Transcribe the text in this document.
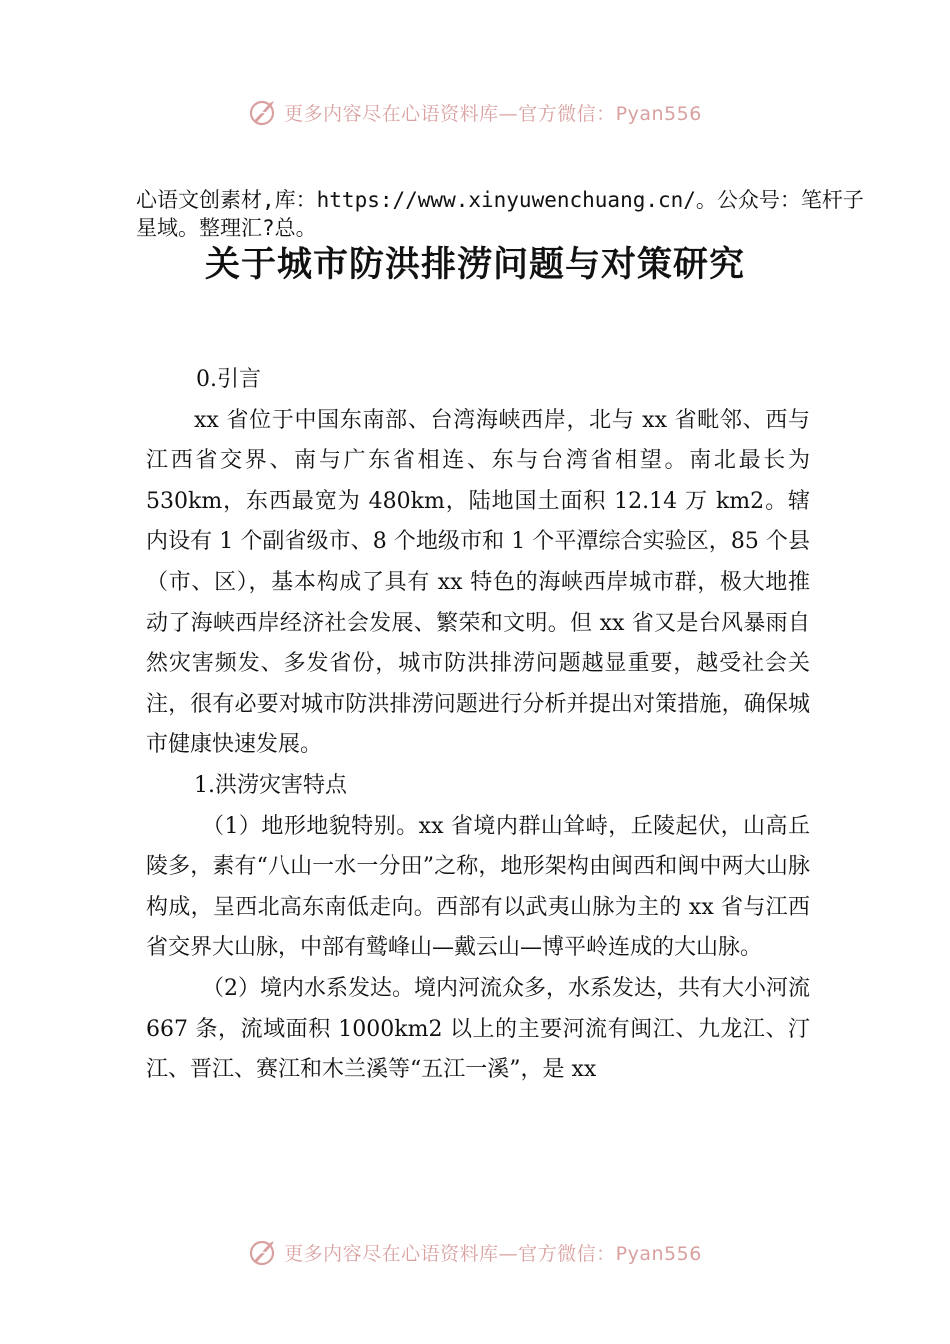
更多内容尽在心语资料库—官方微信：Pyan556
心语文创素材,库：https://www.xinyuwenchuang.cn/。公众号：笔杆子星域。整理汇?总。
关于城市防洪排涝问题与对策研究

0.引言

xx 省位于中国东南部、台湾海峡西岸，北与 xx 省毗邻、西与江西省交界、南与广东省相连、东与台湾省相望。南北最长为 530km，东西最宽为 480km，陆地国土面积 12.14 万 km2。辖内设有 1 个副省级市、8 个地级市和 1 个平潭综合实验区，85 个县（市、区），基本构成了具有 xx 特色的海峡西岸城市群，极大地推动了海峡西岸经济社会发展、繁荣和文明。但 xx 省又是台风暴雨自然灾害频发、多发省份，城市防洪排涝问题越显重要，越受社会关注，很有必要对城市防洪排涝问题进行分析并提出对策措施，确保城市健康快速发展。

1.洪涝灾害特点

（1）地形地貌特别。xx 省境内群山耸峙，丘陵起伏，山高丘陵多，素有“八山一水一分田”之称，地形架构由闽西和闽中两大山脉构成，呈西北高东南低走向。西部有以武夷山脉为主的 xx 省与江西省交界大山脉，中部有鹫峰山—戴云山—博平岭连成的大山脉。

（2）境内水系发达。境内河流众多，水系发达，共有大小河流 667 条，流域面积 1000km2 以上的主要河流有闽江、九龙江、汀江、晋江、赛江和木兰溪等“五江一溪”，是 xx

更多内容尽在心语资料库—官方微信：Pyan556
